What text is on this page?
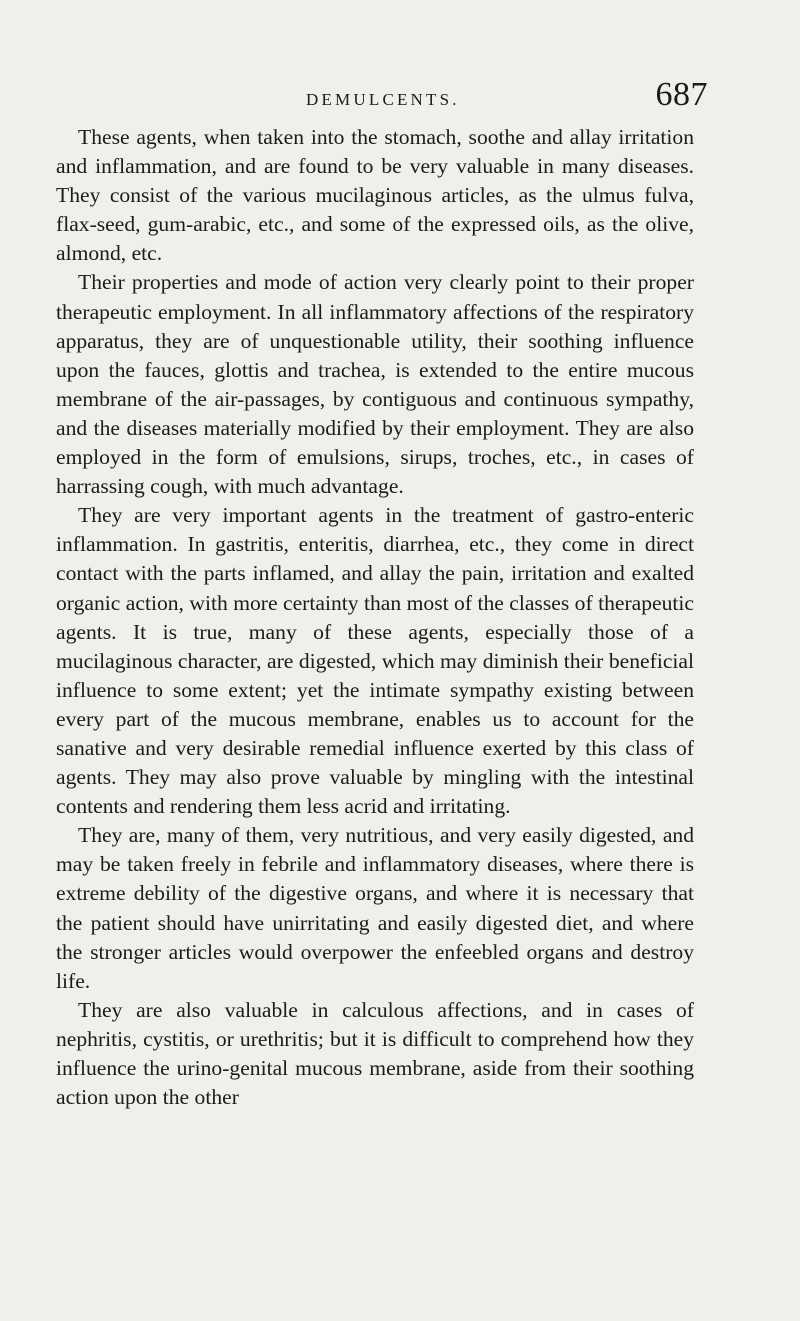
DEMULCENTS.	687

These agents, when taken into the stomach, soothe and allay irritation and inflammation, and are found to be very valuable in many diseases. They consist of the various mucilaginous articles, as the ulmus fulva, flax-seed, gum-arabic, etc., and some of the expressed oils, as the olive, almond, etc.

Their properties and mode of action very clearly point to their proper therapeutic employment. In all inflammatory affections of the respiratory apparatus, they are of unquestionable utility, their soothing influence upon the fauces, glottis and trachea, is extended to the entire mucous membrane of the air-passages, by contiguous and continuous sympathy, and the diseases materially modified by their employment. They are also employed in the form of emulsions, sirups, troches, etc., in cases of harrassing cough, with much advantage.

They are very important agents in the treatment of gastro-enteric inflammation. In gastritis, enteritis, diarrhea, etc., they come in direct contact with the parts inflamed, and allay the pain, irritation and exalted organic action, with more certainty than most of the classes of therapeutic agents. It is true, many of these agents, especially those of a mucilaginous character, are digested, which may diminish their beneficial influence to some extent; yet the intimate sympathy existing between every part of the mucous membrane, enables us to account for the sanative and very desirable remedial influence exerted by this class of agents. They may also prove valuable by mingling with the intestinal contents and rendering them less acrid and irritating.

They are, many of them, very nutritious, and very easily digested, and may be taken freely in febrile and inflammatory diseases, where there is extreme debility of the digestive organs, and where it is necessary that the patient should have unirritating and easily digested diet, and where the stronger articles would overpower the enfeebled organs and destroy life.

They are also valuable in calculous affections, and in cases of nephritis, cystitis, or urethritis; but it is difficult to comprehend how they influence the urino-genital mucous membrane, aside from their soothing action upon the other
